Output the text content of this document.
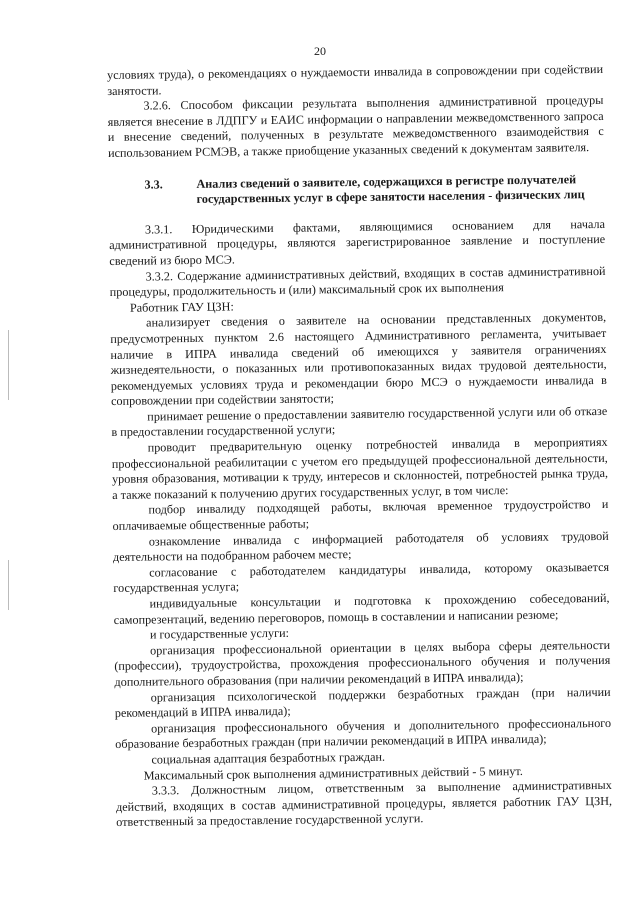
20

условиях труда), о рекомендациях о нуждаемости инвалида в сопровождении при содействии занятости.

3.2.6. Способом фиксации результата выполнения административной процедуры является внесение в ЛДПГУ и ЕАИС информации о направлении межведомственного запроса и внесение сведений, полученных в результате межведомственного взаимодействия с использованием РСМЭВ, а также приобщение указанных сведений к документам заявителя.

3.3.	Анализ сведений о заявителе, содержащихся в регистре получателей государственных услуг в сфере занятости населения - физических лиц

3.3.1. Юридическими фактами, являющимися основанием для начала административной процедуры, являются зарегистрированное заявление и поступление сведений из бюро МСЭ.

3.3.2. Содержание административных действий, входящих в состав административной процедуры, продолжительность и (или) максимальный срок их выполнения

Работник ГАУ ЦЗН:

анализирует сведения о заявителе на основании представленных документов, предусмотренных пунктом 2.6 настоящего Административного регламента, учитывает наличие в ИПРА инвалида сведений об имеющихся у заявителя ограничениях жизнедеятельности, о показанных или противопоказанных видах трудовой деятельности, рекомендуемых условиях труда и рекомендации бюро МСЭ о нуждаемости инвалида в сопровождении при содействии занятости;

принимает решение о предоставлении заявителю государственной услуги или об отказе в предоставлении государственной услуги;

проводит предварительную оценку потребностей инвалида в мероприятиях профессиональной реабилитации с учетом его предыдущей профессиональной деятельности, уровня образования, мотивации к труду, интересов и склонностей, потребностей рынка труда, а также показаний к получению других государственных услуг, в том числе:

подбор инвалиду подходящей работы, включая временное трудоустройство и оплачиваемые общественные работы;

ознакомление инвалида с информацией работодателя об условиях трудовой деятельности на подобранном рабочем месте;

согласование с работодателем кандидатуры инвалида, которому оказывается государственная услуга;

индивидуальные консультации и подготовка к прохождению собеседований, самопрезентаций, ведению переговоров, помощь в составлении и написании резюме;

и государственные услуги:

организация профессиональной ориентации в целях выбора сферы деятельности (профессии), трудоустройства, прохождения профессионального обучения и получения дополнительного образования (при наличии рекомендаций в ИПРА инвалида);

организация психологической поддержки безработных граждан (при наличии рекомендаций в ИПРА инвалида);

организация профессионального обучения и дополнительного профессионального образование безработных граждан (при наличии рекомендаций в ИПРА инвалида);

социальная адаптация безработных граждан.

Максимальный срок выполнения административных действий - 5 минут.

3.3.3. Должностным лицом, ответственным за выполнение административных действий, входящих в состав административной процедуры, является работник ГАУ ЦЗН, ответственный за предоставление государственной услуги.
